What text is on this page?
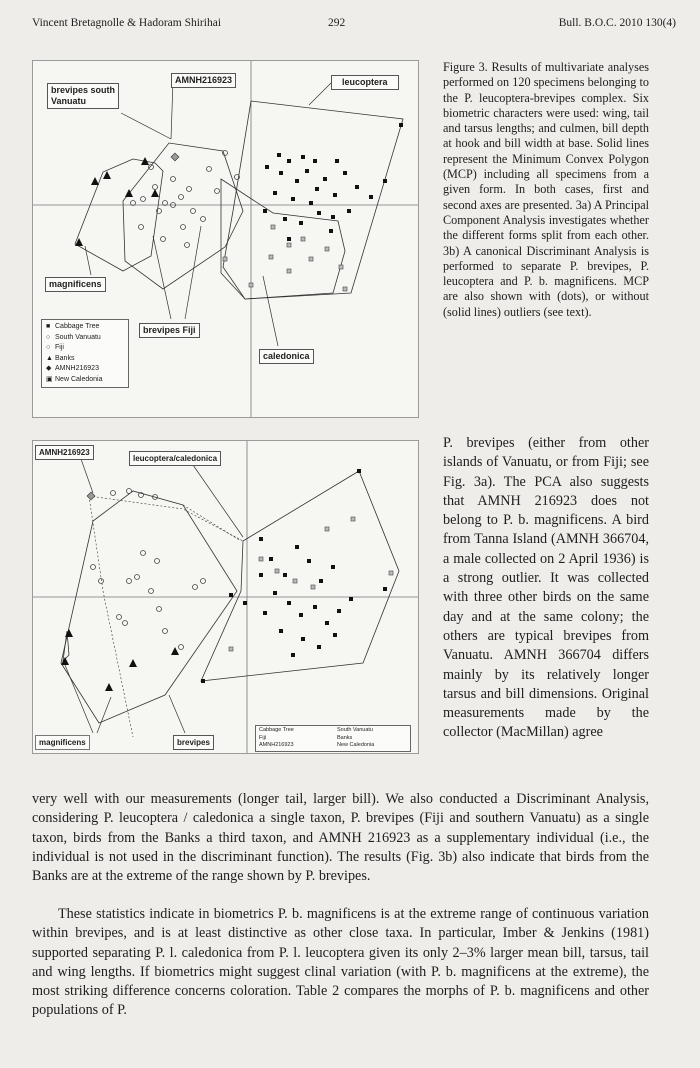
Vincent Bretagnolle & Hadoram Shirihai	292	Bull. B.O.C. 2010 130(4)
brevipes south
Vanuatu
AMNH216923	leucoptera
magnificens
brevipes Fiji
caledonica
■ Cabbage Tree
○ South Vanuatu
○ Fiji
▲ Banks
◆ AMNH216923
▣ New Caledonia

Figure 3. Results of multivariate analyses performed on 120 specimens belonging to the P. leucoptera-brevipes complex. Six biometric characters were used: wing, tail and tarsus lengths; and culmen, bill depth at hook and bill width at base. Solid lines represent the Minimum Convex Polygon (MCP) including all specimens from a given form. In both cases, first and second axes are presented. 3a) A Principal Component Analysis investigates whether the different forms split from each other. 3b) A canonical Discriminant Analysis is performed to separate P. brevipes, P. leucoptera and P. b. magnificens. MCP are also shown with (dots), or without (solid lines) outliers (see text).

AMNH216923
leucoptera/caledonica
magnificens	brevipes
Cabbage Tree	South Vanuatu
Fiji	Banks
AMNH216923	New Caledonia

P. brevipes (either from other islands of Vanuatu, or from Fiji; see Fig. 3a). The PCA also suggests that AMNH 216923 does not belong to P. b. magnificens. A bird from Tanna Island (AMNH 366704, a male collected on 2 April 1936) is a strong outlier. It was collected with three other birds on the same day and at the same colony; the others are typical brevipes from Vanuatu. AMNH 366704 differs mainly by its relatively longer tarsus and bill dimensions. Original measurements made by the collector (MacMillan) agree

very well with our measurements (longer tail, larger bill). We also conducted a Discriminant Analysis, considering P. leucoptera / caledonica a single taxon, P. brevipes (Fiji and southern Vanuatu) as a single taxon, birds from the Banks a third taxon, and AMNH 216923 as a supplementary individual (i.e., the individual is not used in the discriminant function). The results (Fig. 3b) also indicate that birds from the Banks are at the extreme of the range shown by P. brevipes.

These statistics indicate in biometrics P. b. magnificens is at the extreme range of continuous variation within brevipes, and is at least distinctive as other close taxa. In particular, Imber & Jenkins (1981) supported separating P. l. caledonica from P. l. leucoptera given its only 2–3% larger mean bill, tarsus, tail and wing lengths. If biometrics might suggest clinal variation (with P. b. magnificens at the extreme), the most striking difference concerns coloration. Table 2 compares the morphs of P. b. magnificens and other populations of P.
